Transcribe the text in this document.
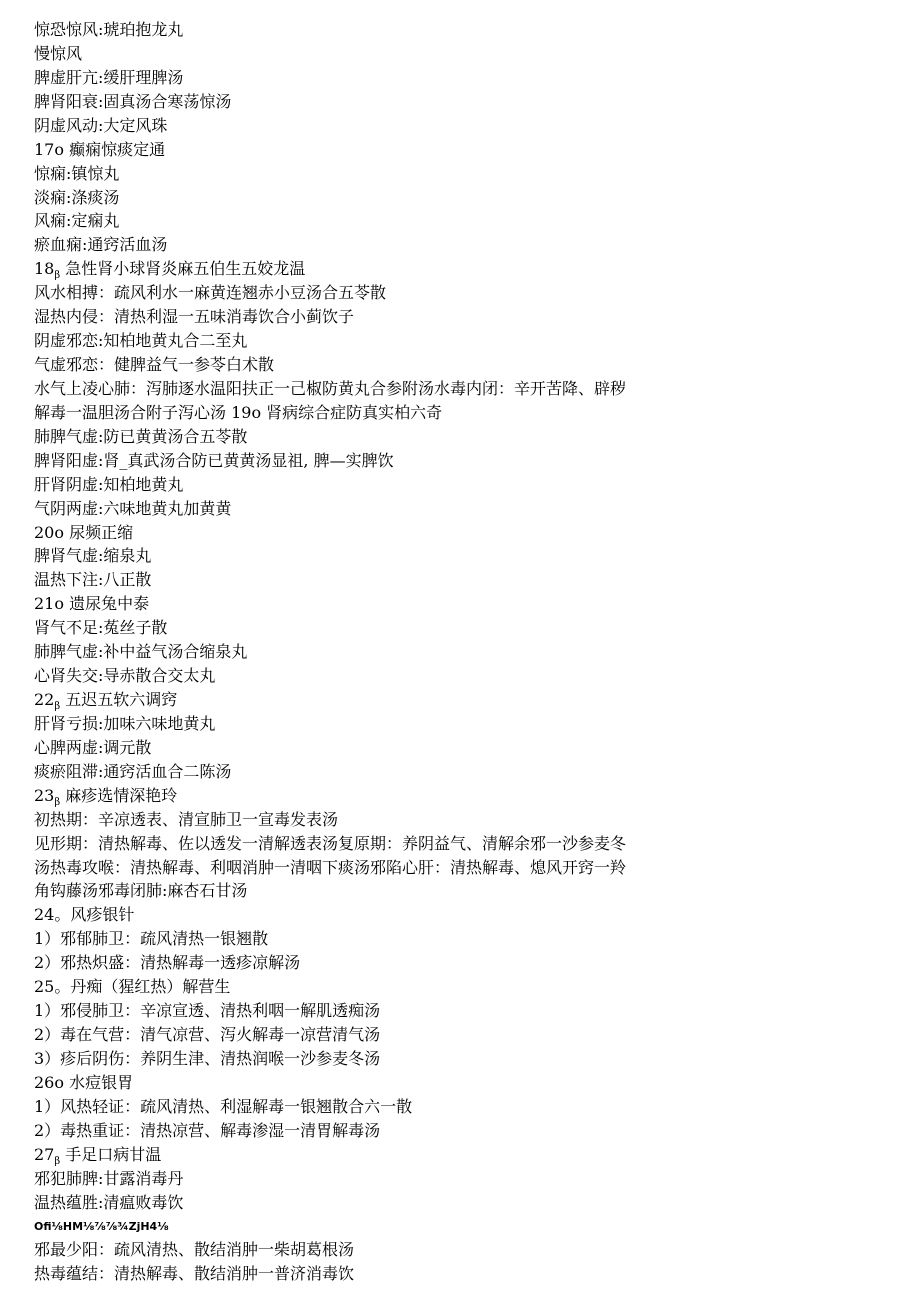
惊恐惊风:琥珀抱龙丸
慢惊风
脾虚肝亢:缓肝理脾汤
脾肾阳衰:固真汤合寒荡惊汤
阴虚风动:大定风珠
17o 癫痫惊痰定通
惊痫:镇惊丸
淡痫:涤痰汤
风痫:定痫丸
瘀血痫:通窍活血汤
$18_\beta$ 急性肾小球肾炎麻五伯生五姣龙温
风水相搏：疏风利水一麻黄连翘赤小豆汤合五苓散
湿热内侵：清热利湿一五味消毒饮合小蓟饮子
阴虚邪恋:知柏地黄丸合二至丸
气虚邪恋：健脾益气一参苓白术散
水气上凌心肺：泻肺逐水温阳扶正一己椒防黄丸合参附汤水毒内闭：辛开苦降、辟秽
解毒一温胆汤合附子泻心汤 19o 肾病综合症防真实柏六奇
肺脾气虚:防已黄黄汤合五苓散
脾肾阳虚:肾_真武汤合防已黄黄汤显祖, 脾—实脾饮
肝肾阴虚:知柏地黄丸
气阴两虚:六味地黄丸加黄黄
20o 尿频正缩
脾肾气虚:缩泉丸
温热下注:八正散
21o 遗尿兔中泰
肾气不足:菟丝子散
肺脾气虚:补中益气汤合缩泉丸
心肾失交:导赤散合交太丸
$22_\beta$ 五迟五软六调窍
肝肾亏损:加味六味地黄丸
心脾两虚:调元散
痰瘀阻滞:通窍活血合二陈汤
$23_\beta$ 麻疹选情深艳玲
初热期：辛凉透表、清宣肺卫一宣毒发表汤
见形期：清热解毒、佐以透发一清解透表汤复原期：养阴益气、清解余邪一沙参麦冬
汤热毒攻喉：清热解毒、利咽消肿一清咽下痰汤邪陷心肝：清热解毒、熄风开窍一羚
角钩藤汤邪毒闭肺:麻杏石甘汤
24。风疹银针
1）邪郁肺卫：疏风清热一银翘散
2）邪热炽盛：清热解毒一透疹凉解汤
25。丹痴（猩红热）解营生
1）邪侵肺卫：辛凉宣透、清热利咽一解肌透痴汤
2）毒在气营：清气凉营、泻火解毒一凉营清气汤
3）疹后阴伤：养阴生津、清热润喉一沙参麦冬汤
26o 水痘银胃
1）风热轻证：疏风清热、利湿解毒一银翘散合六一散
2）毒热重证：清热凉营、解毒渗湿一清胃解毒汤
$27_\beta$ 手足口病甘温
邪犯肺脾:甘露消毒丹
温热蕴胜:清瘟败毒饮
Ofi⅛HM⅛⅞⅞¾ZjH4⅛
邪最少阳：疏风清热、散结消肿一柴胡葛根汤
热毒蕴结：清热解毒、散结消肿一普济消毒饮
